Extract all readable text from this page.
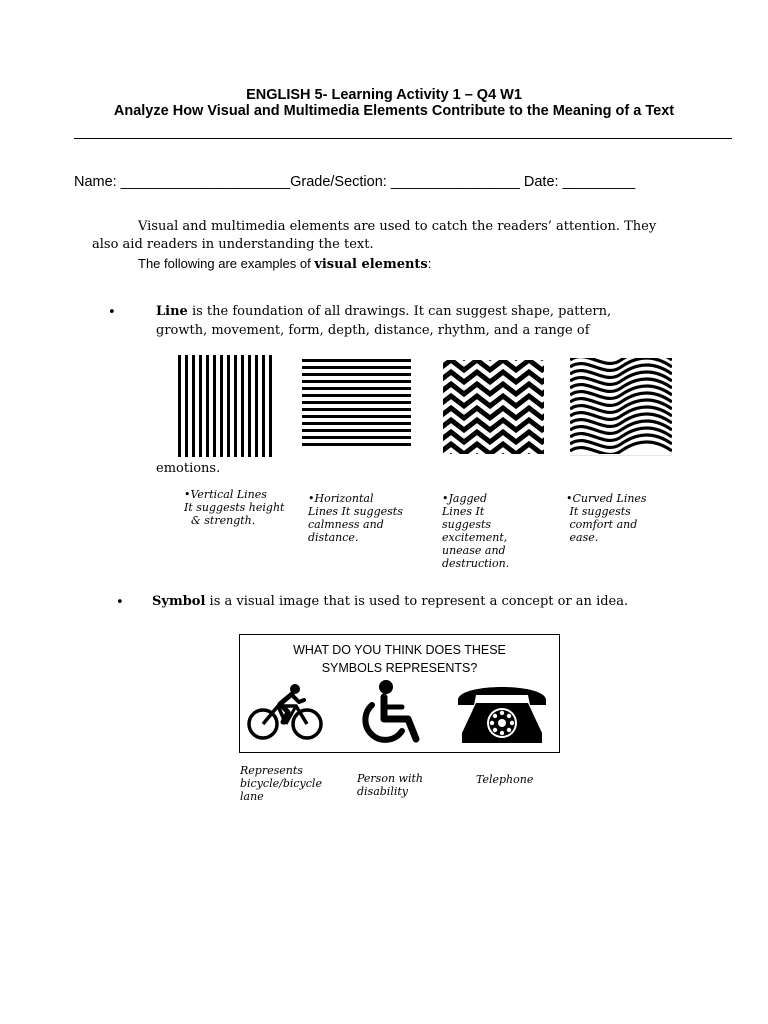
ENGLISH 5- Learning Activity 1 – Q4 W1
Analyze How Visual and Multimedia Elements Contribute to the Meaning of a Text
Name: _____________________Grade/Section: ________________ Date: _________
Visual and multimedia elements are used to catch the readers’ attention. They
also aid readers in understanding the text.
The following are examples of visual elements:
•	Line is the foundation of all drawings. It can suggest shape, pattern,
growth, movement, form, depth, distance, rhythm, and a range of
emotions.
•Vertical Lines
It suggests height
& strength.
•Horizontal
Lines It suggests
calmness and
distance.
•Jagged
Lines It
suggests
excitement,
unease and
destruction.
•Curved Lines
It suggests
comfort and
ease.
• Symbol is a visual image that is used to represent a concept or an idea.
WHAT DO YOU THINK DOES THESE
SYMBOLS REPRESENTS?
Represents
bicycle/bicycle
lane
Person with
disability
Telephone
